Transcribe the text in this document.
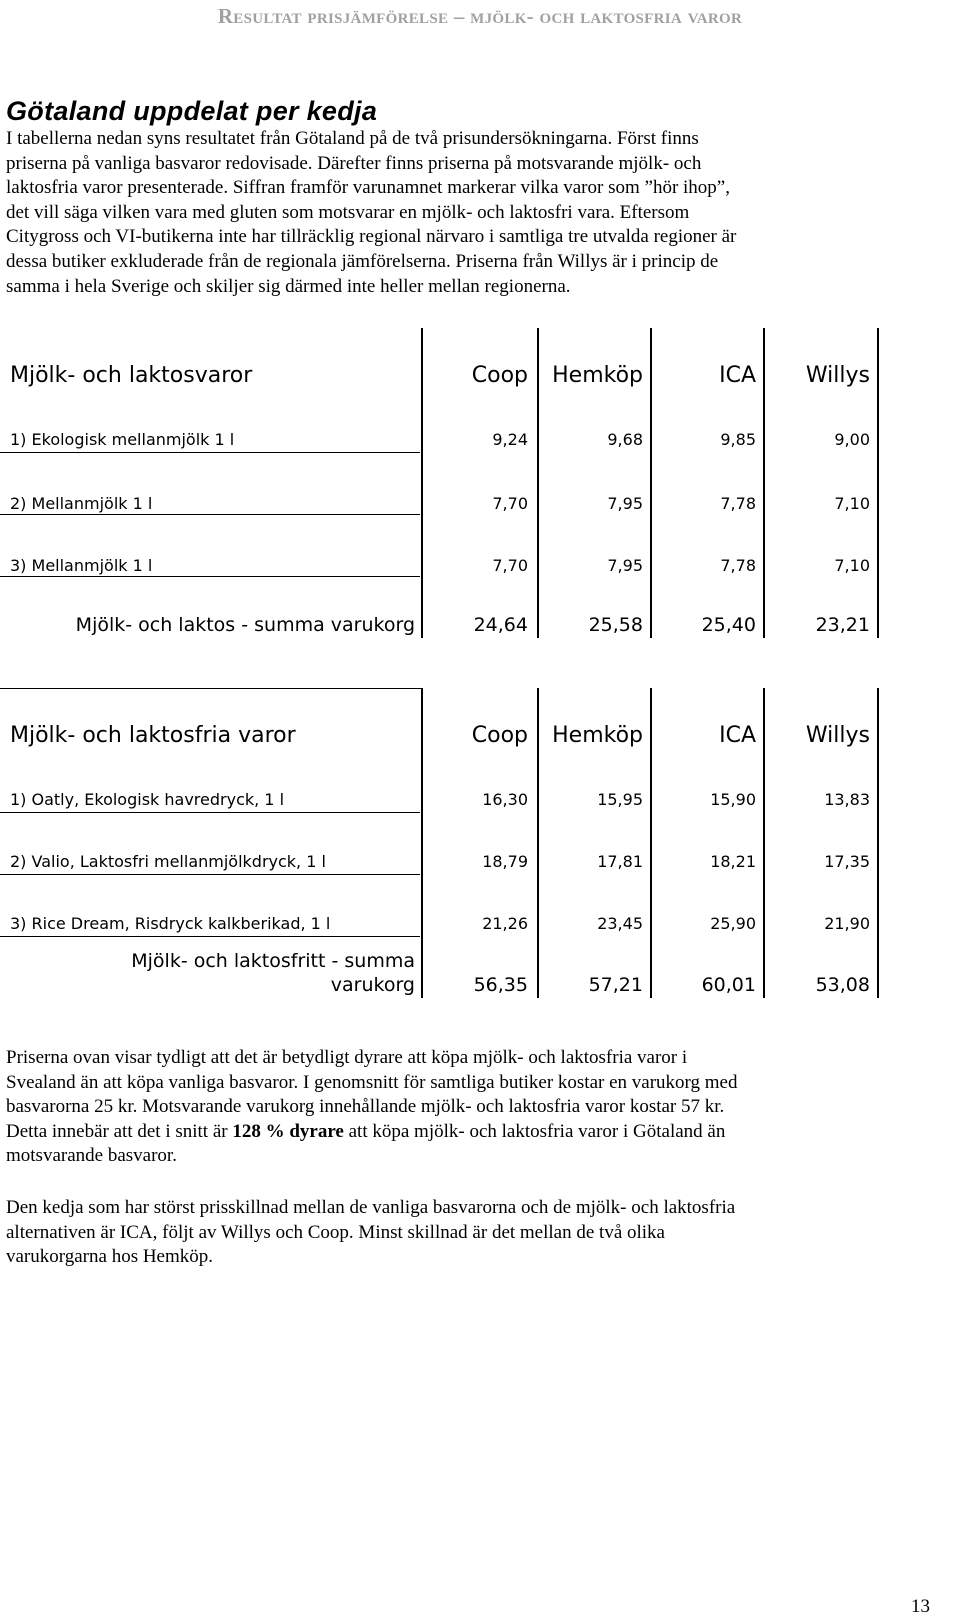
Resultat prisjämförelse – mjölk- och laktosfria varor
Götaland uppdelat per kedja
I tabellerna nedan syns resultatet från Götaland på de två prisundersökningarna. Först finns
priserna på vanliga basvaror redovisade. Därefter finns priserna på motsvarande mjölk- och
laktosfria varor presenterade. Siffran framför varunamnet markerar vilka varor som ”hör ihop”,
det vill säga vilken vara med gluten som motsvarar en mjölk- och laktosfri vara. Eftersom
Citygross och VI-butikerna inte har tillräcklig regional närvaro i samtliga tre utvalda regioner är
dessa butiker exkluderade från de regionala jämförelserna. Priserna från Willys är i princip de
samma i hela Sverige och skiljer sig därmed inte heller mellan regionerna.
Mjölk- och laktosvaror	Coop	Hemköp	ICA	Willys
1) Ekologisk mellanmjölk 1 l	9,24	9,68	9,85	9,00
2) Mellanmjölk 1 l	7,70	7,95	7,78	7,10
3) Mellanmjölk 1 l	7,70	7,95	7,78	7,10
Mjölk- och laktos - summa varukorg	24,64	25,58	25,40	23,21
Mjölk- och laktosfria varor	Coop	Hemköp	ICA	Willys
1) Oatly, Ekologisk havredryck, 1 l	16,30	15,95	15,90	13,83
2) Valio, Laktosfri mellanmjölkdryck, 1 l	18,79	17,81	18,21	17,35
3) Rice Dream, Risdryck kalkberikad, 1 l	21,26	23,45	25,90	21,90
Mjölk- och laktosfritt - summa
varukorg	56,35	57,21	60,01	53,08
Priserna ovan visar tydligt att det är betydligt dyrare att köpa mjölk- och laktosfria varor i
Svealand än att köpa vanliga basvaror. I genomsnitt för samtliga butiker kostar en varukorg med
basvarorna 25 kr. Motsvarande varukorg innehållande mjölk- och laktosfria varor kostar 57 kr.
Detta innebär att det i snitt är 128 % dyrare att köpa mjölk- och laktosfria varor i Götaland än
motsvarande basvaror.
Den kedja som har störst prisskillnad mellan de vanliga basvarorna och de mjölk- och laktosfria
alternativen är ICA, följt av Willys och Coop. Minst skillnad är det mellan de två olika
varukorgarna hos Hemköp.
13
